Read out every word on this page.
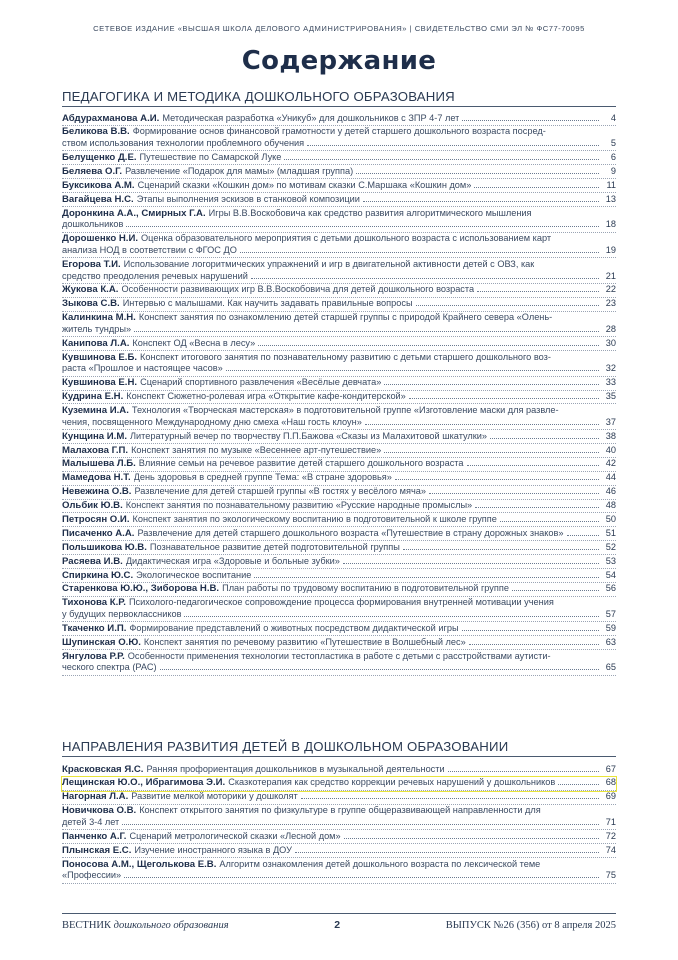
СЕТЕВОЕ ИЗДАНИЕ «ВЫСШАЯ ШКОЛА ДЕЛОВОГО АДМИНИСТРИРОВАНИЯ» | СВИДЕТЕЛЬСТВО СМИ ЭЛ № ФС77-70095
Содержание
ПЕДАГОГИКА И МЕТОДИКА ДОШКОЛЬНОГО ОБРАЗОВАНИЯ
Абдурахманова А.И. Методическая разработка «Уникуб» для дошкольников с ЗПР 4-7 лет	4
Беликова В.В. Формирование основ финансовой грамотности у детей старшего дошкольного возраста посред-
ством использования технологии проблемного обучения	5
Белущенко Д.Е. Путешествие по Самарской Луке	6
Беляева О.Г. Развлечение «Подарок для мамы» (младшая группа)	9
Буксикова А.М. Сценарий сказки «Кошкин дом» по мотивам сказки С.Маршака «Кошкин дом»	11
Вагайцева Н.С. Этапы выполнения эскизов в станковой композиции	13
Доронкина А.А., Смирных Г.А. Игры В.В.Воскобовича как средство развития алгоритмического мышления
дошкольников	18
Дорошенко Н.И. Оценка образовательного мероприятия с детьми дошкольного возраста с использованием карт
анализа НОД в соответствии с ФГОС ДО	19
Егорова Т.И. Использование логоритмических упражнений и игр в двигательной активности детей с ОВЗ, как
средство преодоления речевых нарушений	21
Жукова К.А. Особенности развивающих игр В.В.Воскобовича для детей дошкольного возраста	22
Зыкова С.В. Интервью с малышами. Как научить задавать правильные вопросы	23
Калинкина М.Н. Конспект занятия по ознакомлению детей старшей группы с природой Крайнего севера «Олень-
житель тундры»	28
Канипова Л.А. Конспект ОД «Весна в лесу»	30
Кувшинова Е.Б. Конспект итогового занятия по познавательному развитию с детьми старшего дошкольного воз-
раста «Прошлое и настоящее часов»	32
Кувшинова Е.Н. Сценарий спортивного развлечения «Весёлые девчата»	33
Кудрина Е.Н. Конспект Сюжетно-ролевая игра «Открытие кафе-кондитерской»	35
Куземина И.А. Технология «Творческая мастерская» в подготовительной группе «Изготовление маски для развле-
чения, посвященного Международному дню смеха «Наш гость клоун»	37
Кунщина И.М. Литературный вечер по творчеству П.П.Бажова «Сказы из Малахитовой шкатулки»	38
Малахова Г.П. Конспект занятия по музыке «Весеннее арт-путешествие»	40
Малышева Л.Б. Влияние семьи на речевое развитие детей старшего дошкольного возраста	42
Мамедова Н.Т. День здоровья в средней группе Тема: «В стране здоровья»	44
Невежина О.В. Развлечение для детей старшей группы «В гостях у весёлого мяча»	46
Ольбик Ю.В. Конспект занятия по познавательному развитию «Русские народные промыслы»	48
Петросян О.И. Конспект занятия по экологическому воспитанию в подготовительной к школе группе	50
Писаченко А.А. Развлечение для детей старшего дошкольного возраста «Путешествие в страну дорожных знаков»	51
Польшикова Ю.В. Познавательное развитие детей подготовительной группы	52
Расяева И.В. Дидактическая игра «Здоровые и больные зубки»	53
Спиркина Ю.С. Экологическое воспитание	54
Старенкова Ю.Ю., Зиборова Н.В. План работы по трудовому воспитанию в подготовительной группе	56
Тихонова К.Р. Психолого-педагогическое сопровождение процесса формирования внутренней мотивации учения
у будущих первоклассников	57
Ткаченко И.П. Формирование представлений о животных посредством дидактической игры	59
Шупинская О.Ю. Конспект занятия по речевому развитию «Путешествие в Волшебный лес»	63
Янгулова Р.Р. Особенности применения технологии тестопластика в работе с детьми с расстройствами аутисти-
ческого спектра (РАС)	65
НАПРАВЛЕНИЯ РАЗВИТИЯ ДЕТЕЙ В ДОШКОЛЬНОМ ОБРАЗОВАНИИ
Красковская Я.С. Ранняя профориентация дошкольников в музыкальной деятельности	67
Лещинская Ю.О., Ибрагимова Э.И. Сказкотерапия как средство коррекции речевых нарушений у дошкольников	68
Нагорная Л.А. Развитие мелкой моторики у дошколят	69
Новичкова О.В. Конспект открытого занятия по физкультуре в группе общеразвивающей направленности для
детей 3-4 лет	71
Панченко А.Г. Сценарий метрологической сказки «Лесной дом»	72
Плынская Е.С. Изучение иностранного языка в ДОУ	74
Поносова А.М., Щеголькова Е.В. Алгоритм ознакомления детей дошкольного возраста по лексической теме
«Профессии»	75
ВЕСТНИК дошкольного образования	2	ВЫПУСК №26 (356) от 8 апреля 2025
